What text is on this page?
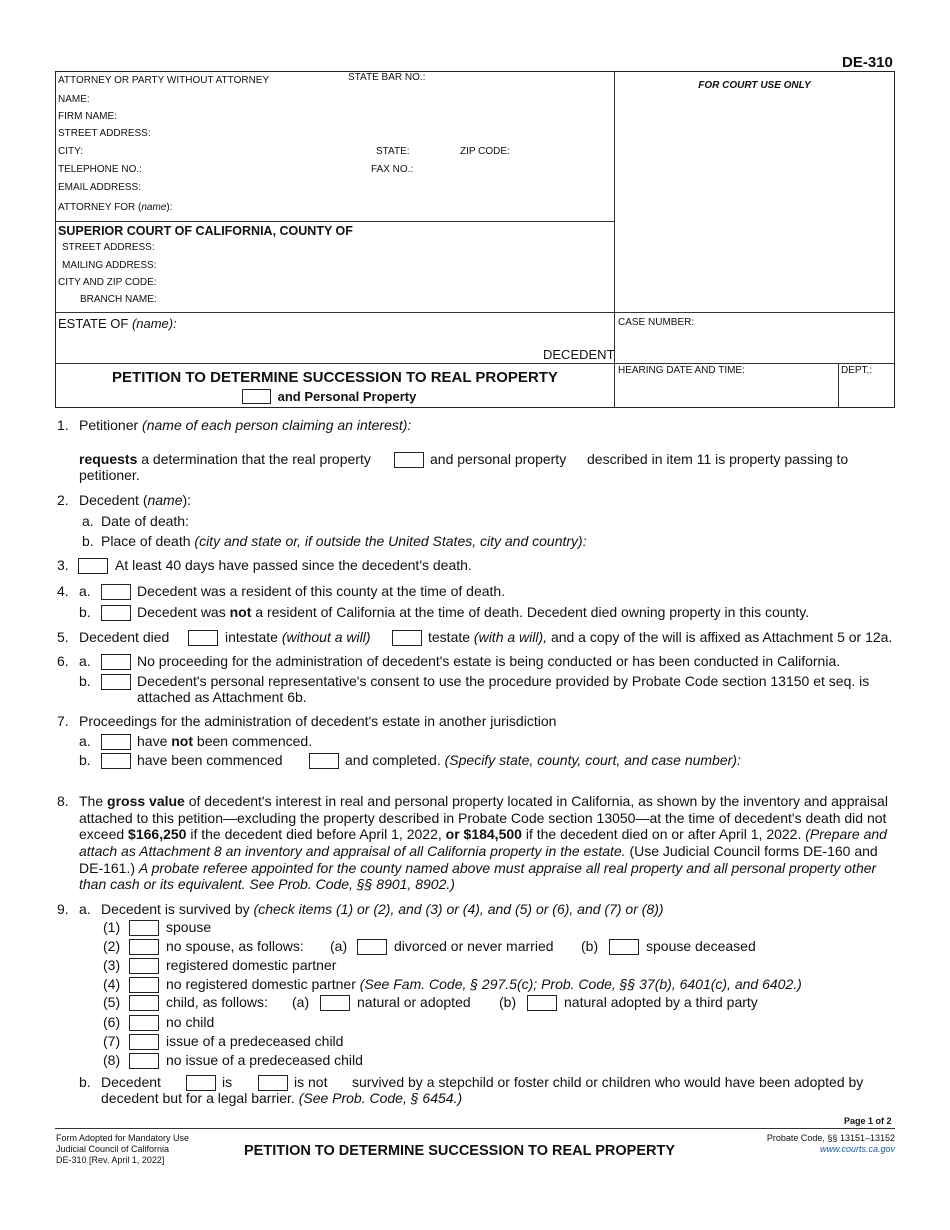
DE-310
ATTORNEY OR PARTY WITHOUT ATTORNEY	STATE BAR NO.:
NAME:
FIRM NAME:
STREET ADDRESS:
CITY:	STATE:	ZIP CODE:
TELEPHONE NO.:	FAX NO.:
EMAIL ADDRESS:
ATTORNEY FOR (name):
SUPERIOR COURT OF CALIFORNIA, COUNTY OF
STREET ADDRESS:
MAILING ADDRESS:
CITY AND ZIP CODE:
BRANCH NAME:
ESTATE OF (name):
DECEDENT
FOR COURT USE ONLY
CASE NUMBER:
HEARING DATE AND TIME:	DEPT.:
PETITION TO DETERMINE SUCCESSION TO REAL PROPERTY
and Personal Property
1. Petitioner (name of each person claiming an interest):
requests a determination that the real property	and personal property described in item 11 is property passing to
petitioner.
2. Decedent (name):
a. Date of death:
b. Place of death (city and state or, if outside the United States, city and country):
3.	At least 40 days have passed since the decedent's death.
4. a.	Decedent was a resident of this county at the time of death.
b.	Decedent was not a resident of California at the time of death. Decedent died owning property in this county.
5. Decedent died	intestate (without a will)	testate (with a will), and a copy of the will is affixed as Attachment 5 or 12a.
6. a.	No proceeding for the administration of decedent's estate is being conducted or has been conducted in California.
b.	Decedent's personal representative's consent to use the procedure provided by Probate Code section 13150 et seq. is
attached as Attachment 6b.
7. Proceedings for the administration of decedent's estate in another jurisdiction
a.	have not been commenced.
b.	have been commenced	and completed. (Specify state, county, court, and case number):
8. The gross value of decedent's interest in real and personal property located in California, as shown by the inventory and appraisal
attached to this petition—excluding the property described in Probate Code section 13050—at the time of decedent's death did not
exceed $166,250 if the decedent died before April 1, 2022, or $184,500 if the decedent died on or after April 1, 2022. (Prepare and
attach as Attachment 8 an inventory and appraisal of all California property in the estate. (Use Judicial Council forms DE-160 and
DE-161.) A probate referee appointed for the county named above must appraise all real property and all personal property other
than cash or its equivalent. See Prob. Code, §§ 8901, 8902.)
9. a. Decedent is survived by (check items (1) or (2), and (3) or (4), and (5) or (6), and (7) or (8))
(1)	spouse
(2)	no spouse, as follows: (a)	divorced or never married (b)	spouse deceased
(3)	registered domestic partner
(4)	no registered domestic partner (See Fam. Code, § 297.5(c); Prob. Code, §§ 37(b), 6401(c), and 6402.)
(5)	child, as follows: (a)	natural or adopted (b)	natural adopted by a third party
(6)	no child
(7)	issue of a predeceased child
(8)	no issue of a predeceased child
b. Decedent	is	is not survived by a stepchild or foster child or children who would have been adopted by
decedent but for a legal barrier. (See Prob. Code, § 6454.)
Page 1 of 2
Form Adopted for Mandatory Use
Judicial Council of California
DE-310 [Rev. April 1, 2022]
PETITION TO DETERMINE SUCCESSION TO REAL PROPERTY
Probate Code, §§ 13151–13152
www.courts.ca.gov
